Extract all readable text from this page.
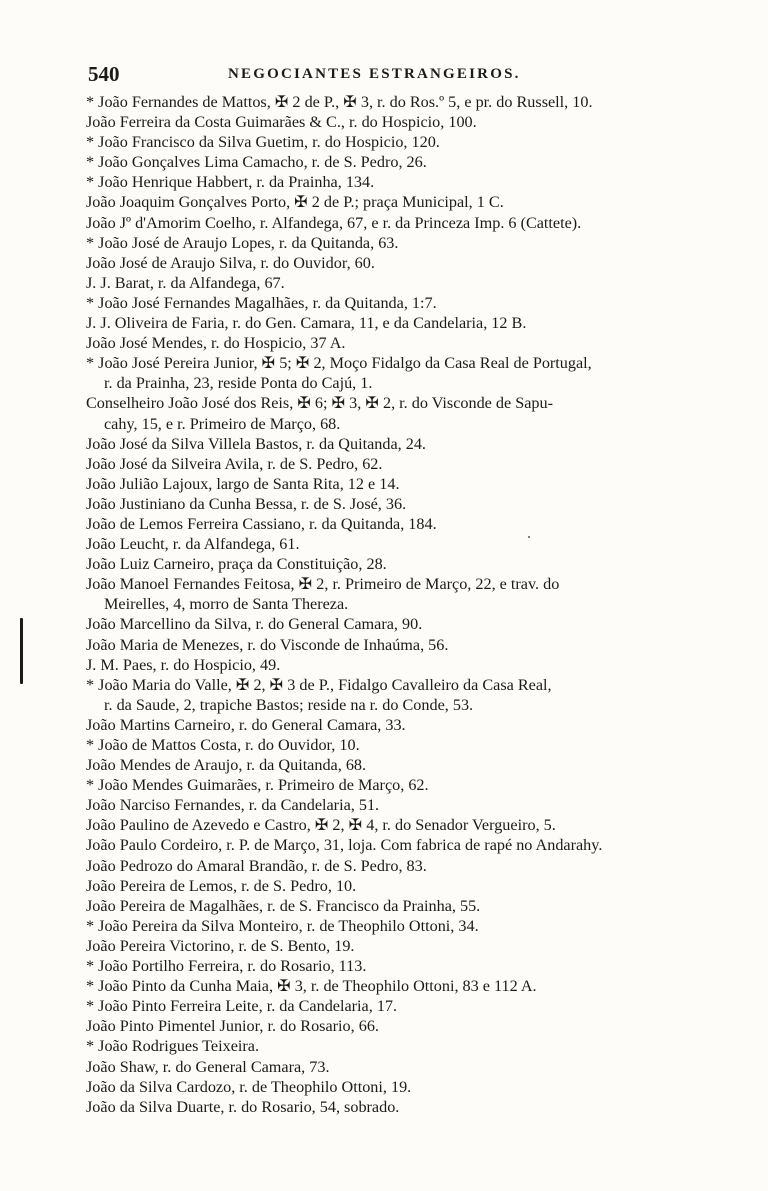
540	NEGOCIANTES ESTRANGEIROS.
* João Fernandes de Mattos, ✠ 2 de P., ✠ 3, r. do Ros.º 5, e pr. do Russell, 10.
João Ferreira da Costa Guimarães & C., r. do Hospicio, 100.
* João Francisco da Silva Guetim, r. do Hospicio, 120.
* João Gonçalves Lima Camacho, r. de S. Pedro, 26.
* João Henrique Habbert, r. da Prainha, 134.
João Joaquim Gonçalves Porto, ✠ 2 de P.; praça Municipal, 1 C.
João Jº d'Amorim Coelho, r. Alfandega, 67, e r. da Princeza Imp. 6 (Cattete).
* João José de Araujo Lopes, r. da Quitanda, 63.
João José de Araujo Silva, r. do Ouvidor, 60.
J. J. Barat, r. da Alfandega, 67.
* João José Fernandes Magalhães, r. da Quitanda, 1:7.
J. J. Oliveira de Faria, r. do Gen. Camara, 11, e da Candelaria, 12 B.
João José Mendes, r. do Hospicio, 37 A.
* João José Pereira Junior, ✠ 5; ✠ 2, Moço Fidalgo da Casa Real de Portugal,
r. da Prainha, 23, reside Ponta do Cajú, 1.
Conselheiro João José dos Reis, ✠ 6; ✠ 3, ✠ 2, r. do Visconde de Sapu-
cahy, 15, e r. Primeiro de Março, 68.
João José da Silva Villela Bastos, r. da Quitanda, 24.
João José da Silveira Avila, r. de S. Pedro, 62.
João Julião Lajoux, largo de Santa Rita, 12 e 14.
João Justiniano da Cunha Bessa, r. de S. José, 36.
João de Lemos Ferreira Cassiano, r. da Quitanda, 184.
João Leucht, r. da Alfandega, 61.
João Luiz Carneiro, praça da Constituição, 28.
João Manoel Fernandes Feitosa, ✠ 2, r. Primeiro de Março, 22, e trav. do
Meirelles, 4, morro de Santa Thereza.
João Marcellino da Silva, r. do General Camara, 90.
João Maria de Menezes, r. do Visconde de Inhaúma, 56.
J. M. Paes, r. do Hospicio, 49.
* João Maria do Valle, ✠ 2, ✠ 3 de P., Fidalgo Cavalleiro da Casa Real,
r. da Saude, 2, trapiche Bastos; reside na r. do Conde, 53.
João Martins Carneiro, r. do General Camara, 33.
* João de Mattos Costa, r. do Ouvidor, 10.
João Mendes de Araujo, r. da Quitanda, 68.
* João Mendes Guimarães, r. Primeiro de Março, 62.
João Narciso Fernandes, r. da Candelaria, 51.
João Paulino de Azevedo e Castro, ✠ 2, ✠ 4, r. do Senador Vergueiro, 5.
João Paulo Cordeiro, r. P. de Março, 31, loja. Com fabrica de rapé no Andarahy.
João Pedrozo do Amaral Brandão, r. de S. Pedro, 83.
João Pereira de Lemos, r. de S. Pedro, 10.
João Pereira de Magalhães, r. de S. Francisco da Prainha, 55.
* João Pereira da Silva Monteiro, r. de Theophilo Ottoni, 34.
João Pereira Victorino, r. de S. Bento, 19.
* João Portilho Ferreira, r. do Rosario, 113.
* João Pinto da Cunha Maia, ✠ 3, r. de Theophilo Ottoni, 83 e 112 A.
* João Pinto Ferreira Leite, r. da Candelaria, 17.
João Pinto Pimentel Junior, r. do Rosario, 66.
* João Rodrigues Teixeira.
João Shaw, r. do General Camara, 73.
João da Silva Cardozo, r. de Theophilo Ottoni, 19.
João da Silva Duarte, r. do Rosario, 54, sobrado.
